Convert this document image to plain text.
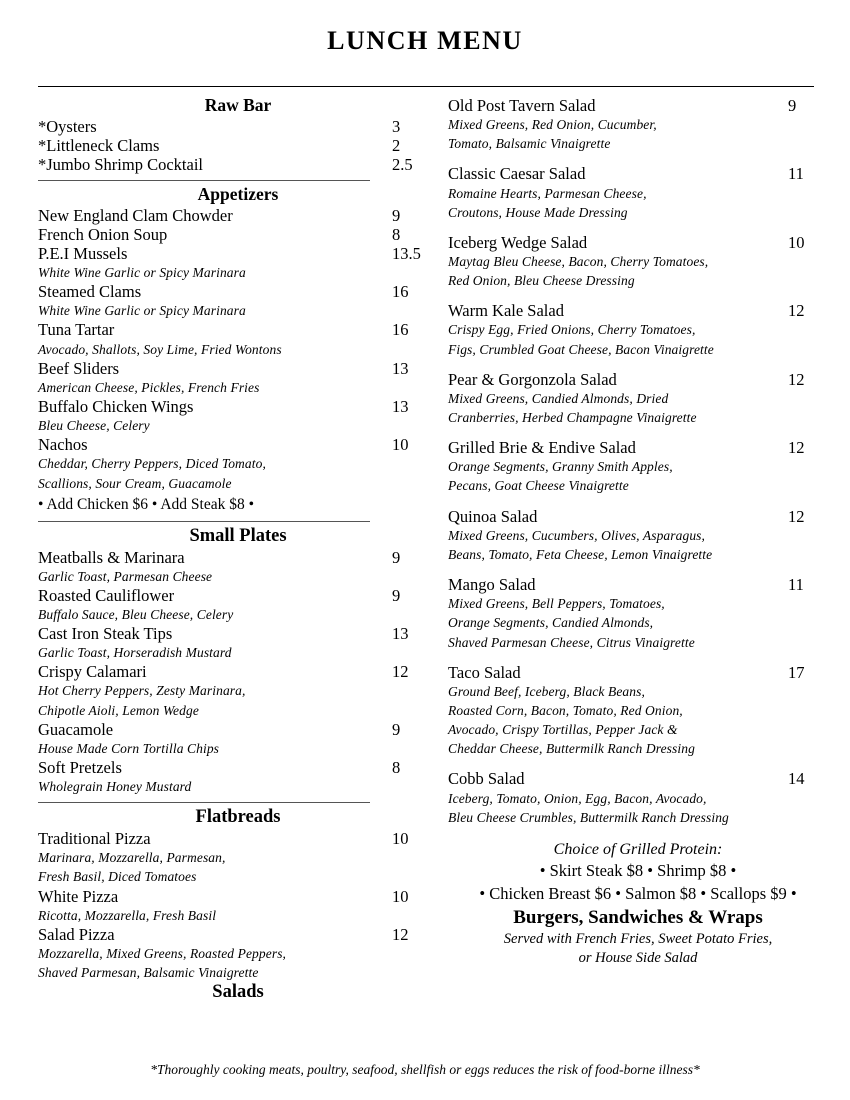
LUNCH MENU
Raw Bar
*Oysters	3
*Littleneck Clams	2
*Jumbo Shrimp Cocktail	2.5
Appetizers
New England Clam Chowder	9
French Onion Soup	8
P.E.I Mussels	13.5
White Wine Garlic or Spicy Marinara
Steamed Clams	16
White Wine Garlic or Spicy Marinara
Tuna Tartar	16
Avocado, Shallots, Soy Lime, Fried Wontons
Beef Sliders	13
American Cheese, Pickles, French Fries
Buffalo Chicken Wings	13
Bleu Cheese, Celery
Nachos	10
Cheddar, Cherry Peppers, Diced Tomato,
Scallions, Sour Cream, Guacamole
• Add Chicken $6 • Add Steak $8 •
Small Plates
Meatballs & Marinara	9
Garlic Toast, Parmesan Cheese
Roasted Cauliflower	9
Buffalo Sauce, Bleu Cheese, Celery
Cast Iron Steak Tips	13
Garlic Toast, Horseradish Mustard
Crispy Calamari	12
Hot Cherry Peppers, Zesty Marinara,
Chipotle Aioli, Lemon Wedge
Guacamole	9
House Made Corn Tortilla Chips
Soft Pretzels	8
Wholegrain Honey Mustard
Flatbreads
Traditional Pizza	10
Marinara, Mozzarella, Parmesan,
Fresh Basil, Diced Tomatoes
White Pizza	10
Ricotta, Mozzarella, Fresh Basil
Salad Pizza	12
Mozzarella, Mixed Greens, Roasted Peppers,
Shaved Parmesan, Balsamic Vinaigrette
Salads
Old Post Tavern Salad	9
Mixed Greens, Red Onion, Cucumber,
Tomato, Balsamic Vinaigrette
Classic Caesar Salad	11
Romaine Hearts, Parmesan Cheese,
Croutons, House Made Dressing
Iceberg Wedge Salad	10
Maytag Bleu Cheese, Bacon, Cherry Tomatoes,
Red Onion, Bleu Cheese Dressing
Warm Kale Salad	12
Crispy Egg, Fried Onions, Cherry Tomatoes,
Figs, Crumbled Goat Cheese, Bacon Vinaigrette
Pear & Gorgonzola Salad	12
Mixed Greens, Candied Almonds, Dried
Cranberries, Herbed Champagne Vinaigrette
Grilled Brie & Endive Salad	12
Orange Segments, Granny Smith Apples,
Pecans, Goat Cheese Vinaigrette
Quinoa Salad	12
Mixed Greens, Cucumbers, Olives, Asparagus,
Beans, Tomato, Feta Cheese, Lemon Vinaigrette
Mango Salad	11
Mixed Greens, Bell Peppers, Tomatoes,
Orange Segments, Candied Almonds,
Shaved Parmesan Cheese, Citrus Vinaigrette
Taco Salad	17
Ground Beef, Iceberg, Black Beans,
Roasted Corn, Bacon, Tomato, Red Onion,
Avocado, Crispy Tortillas, Pepper Jack &
Cheddar Cheese, Buttermilk Ranch Dressing
Cobb Salad	14
Iceberg, Tomato, Onion, Egg, Bacon, Avocado,
Bleu Cheese Crumbles, Buttermilk Ranch Dressing
Choice of Grilled Protein:
• Skirt Steak $8 • Shrimp $8 •
• Chicken Breast $6 • Salmon $8 • Scallops $9 •
Burgers, Sandwiches & Wraps
Served with French Fries, Sweet Potato Fries,
or House Side Salad
*Thoroughly cooking meats, poultry, seafood, shellfish or eggs reduces the risk of food-borne illness*
